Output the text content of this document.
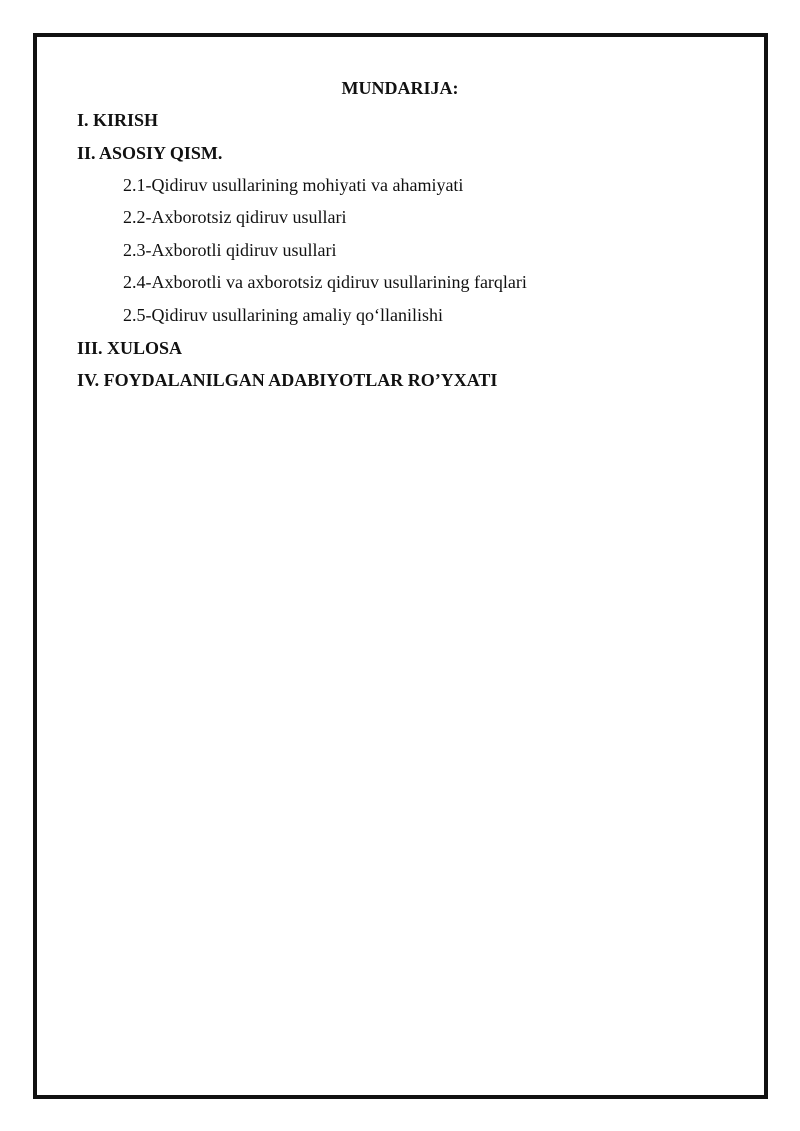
MUNDARIJA:
I. KIRISH
II. ASOSIY QISM.
2.1-Qidiruv usullarining mohiyati va ahamiyati
2.2-Axborotsiz qidiruv usullari
2.3-Axborotli qidiruv usullari
2.4-Axborotli va axborotsiz qidiruv usullarining farqlari
2.5-Qidiruv usullarining amaliy qo‘llanilishi
III. XULOSA
IV. FOYDALANILGAN ADABIYOTLAR RO’YXATI
